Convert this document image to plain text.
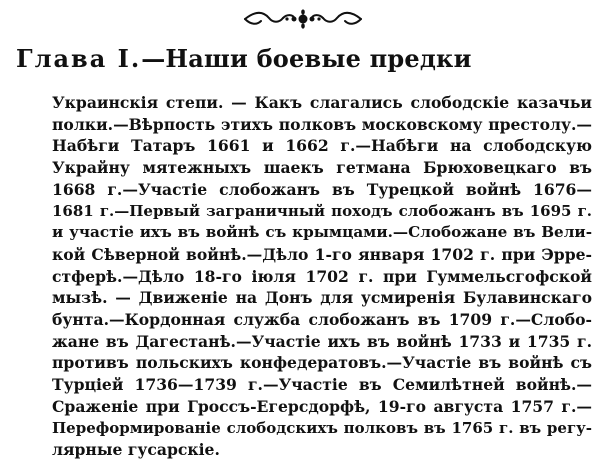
Глава I.—Наши боевые предки
Украинскія степи. — Какъ слагались слободскіе казачьи
полки.—Вѣрпость этихъ полковъ московскому престолу.—
Набѣги Татаръ 1661 и 1662 г.—Набѣги на слободскую
Украйну мятежныхъ шаекъ гетмана Брюховецкаго въ
1668 г.—Участіе слобожанъ въ Турецкой войнѣ 1676—
1681 г.—Первый заграничный походъ слобожанъ въ 1695 г.
и участіе ихъ въ войнѣ съ крымцами.—Слобожане въ Вели-
кой Сѣверной войнѣ.—Дѣло 1-го января 1702 г. при Эрре-
стферѣ.—Дѣло 18-го іюля 1702 г. при Гуммельсгофской
мызѣ. — Движеніе на Донъ для усмиренія Булавинскаго
бунта.—Кордонная служба слобожанъ въ 1709 г.—Слобо-
жане въ Дагестанѣ.—Участіе ихъ въ войнѣ 1733 и 1735 г.
противъ польскихъ конфедератовъ.—Участіе въ войнѣ съ
Турціей 1736—1739 г.—Участіе въ Семилѣтней войнѣ.—
Сраженіе при Гроссъ-Егерсдорфѣ, 19-го августа 1757 г.—
Переформированіе слободскихъ полковъ въ 1765 г. въ регу-
лярные гусарскіе.
